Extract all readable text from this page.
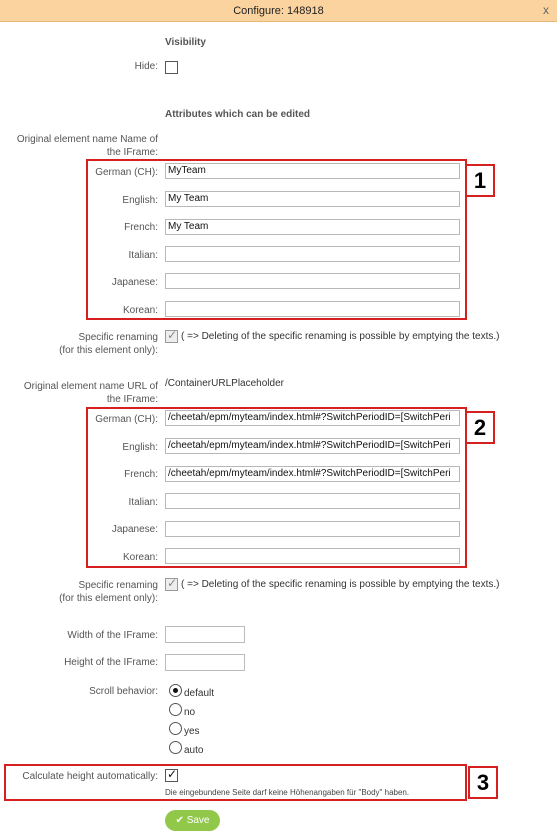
Configure: 148918	x
Visibility
Hide:
Attributes which can be edited
Original element name Name of
the IFrame:
1
German (CH):	MyTeam
English:	My Team
French:	My Team
Italian:
Japanese:
Korean:
Specific renaming
(for this element only):
✓
( => Deleting of the specific renaming is possible by emptying the texts.)
Original element name URL of
the IFrame:
/ContainerURLPlaceholder
2
German (CH):	/cheetah/epm/myteam/index.html#?SwitchPeriodID=[SwitchPeri
English:	/cheetah/epm/myteam/index.html#?SwitchPeriodID=[SwitchPeri
French:	/cheetah/epm/myteam/index.html#?SwitchPeriodID=[SwitchPeri
Italian:
Japanese:
Korean:
Specific renaming
(for this element only):
✓
( => Deleting of the specific renaming is possible by emptying the texts.)
Width of the IFrame:
Height of the IFrame:
Scroll behavior:	default
no
yes
auto
3
Calculate height automatically:
✓
Die eingebundene Seite darf keine Höhenangaben für "Body" haben.
✔ Save
